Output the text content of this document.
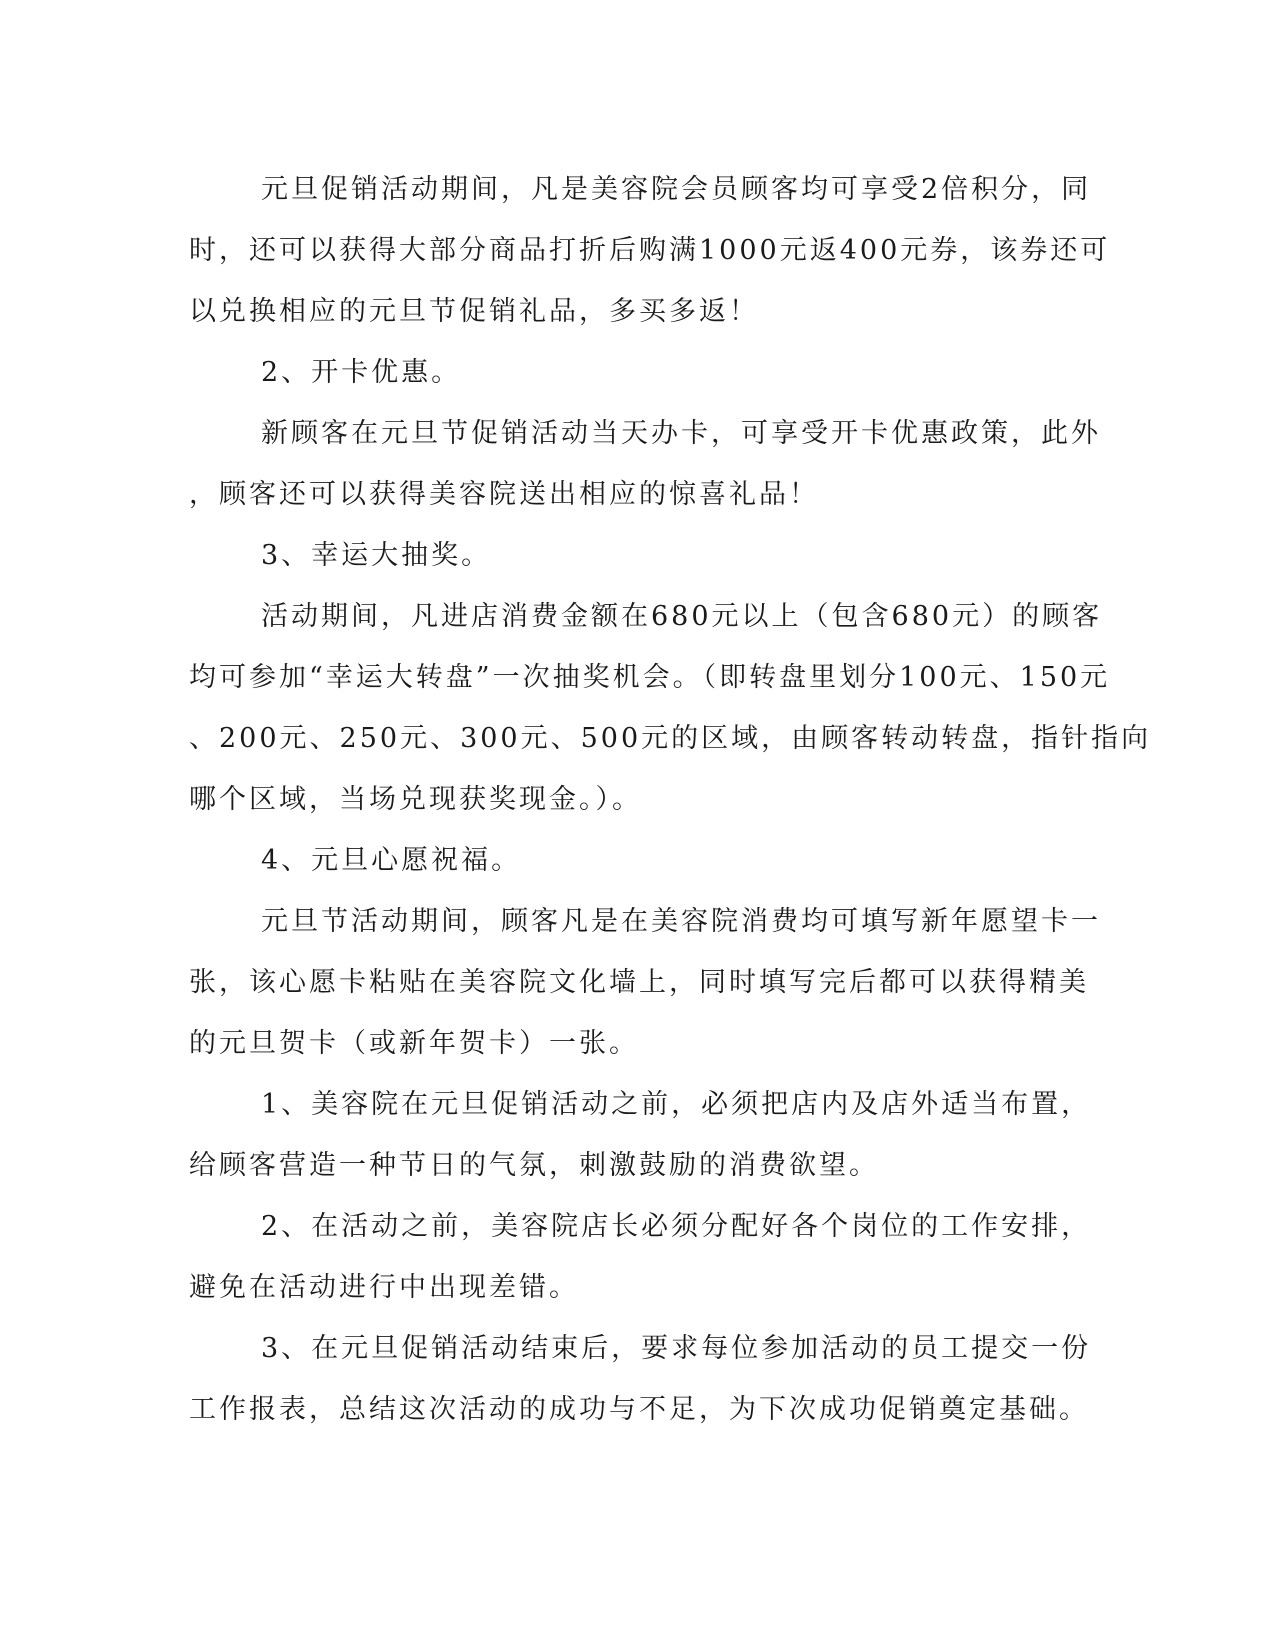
元旦促销活动期间，凡是美容院会员顾客均可享受2倍积分，同
时，还可以获得大部分商品打折后购满1000元返400元券，该券还可
以兑换相应的元旦节促销礼品，多买多返！
2、开卡优惠。
新顾客在元旦节促销活动当天办卡，可享受开卡优惠政策，此外
，顾客还可以获得美容院送出相应的惊喜礼品！
3、幸运大抽奖。
活动期间，凡进店消费金额在680元以上（包含680元）的顾客
均可参加“幸运大转盘”一次抽奖机会。（即转盘里划分100元、150元
、200元、250元、300元、500元的区域，由顾客转动转盘，指针指向
哪个区域，当场兑现获奖现金。）。
4、元旦心愿祝福。
元旦节活动期间，顾客凡是在美容院消费均可填写新年愿望卡一
张，该心愿卡粘贴在美容院文化墙上，同时填写完后都可以获得精美
的元旦贺卡（或新年贺卡）一张。
1、美容院在元旦促销活动之前，必须把店内及店外适当布置，
给顾客营造一种节日的气氛，刺激鼓励的消费欲望。
2、在活动之前，美容院店长必须分配好各个岗位的工作安排，
避免在活动进行中出现差错。
3、在元旦促销活动结束后，要求每位参加活动的员工提交一份
工作报表，总结这次活动的成功与不足，为下次成功促销奠定基础。
